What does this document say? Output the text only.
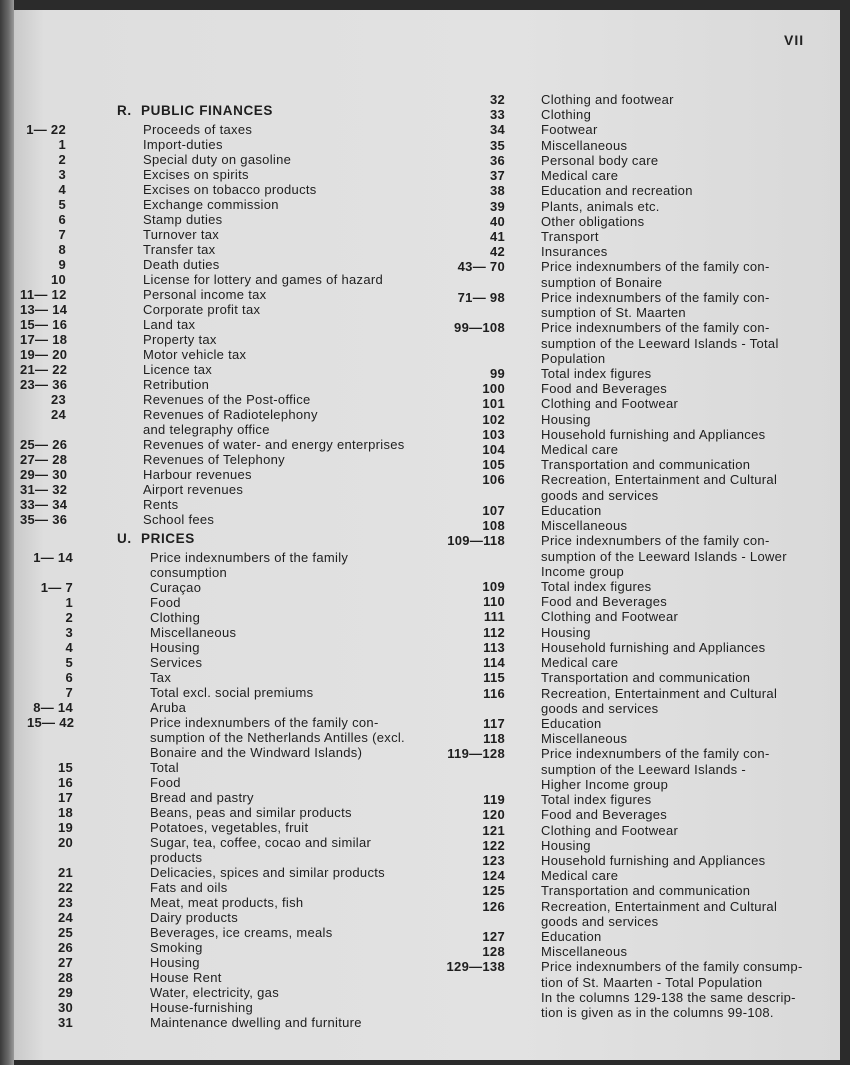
VII
R. PUBLIC FINANCES
1— 22	Proceeds of taxes
1	Import-duties
2	Special duty on gasoline
3	Excises on spirits
4	Excises on tobacco products
5	Exchange commission
6	Stamp duties
7	Turnover tax
8	Transfer tax
9	Death duties
10	License for lottery and games of hazard
11— 12	Personal income tax
13— 14	Corporate profit tax
15— 16	Land tax
17— 18	Property tax
19— 20	Motor vehicle tax
21— 22	Licence tax
23— 36	Retribution
23	Revenues of the Post-office
24	Revenues of Radiotelephony
and telegraphy office
25— 26	Revenues of water- and energy enterprises
27— 28	Revenues of Telephony
29— 30	Harbour revenues
31— 32	Airport revenues
33— 34	Rents
35— 36	School fees
U. PRICES
1— 14	Price indexnumbers of the family
consumption
1— 7	Curaçao
1	Food
2	Clothing
3	Miscellaneous
4	Housing
5	Services
6	Tax
7	Total excl. social premiums
8— 14	Aruba
15— 42	Price indexnumbers of the family con-
sumption of the Netherlands Antilles (excl.
Bonaire and the Windward Islands)
15	Total
16	Food
17	Bread and pastry
18	Beans, peas and similar products
19	Potatoes, vegetables, fruit
20	Sugar, tea, coffee, cocao and similar
products
21	Delicacies, spices and similar products
22	Fats and oils
23	Meat, meat products, fish
24	Dairy products
25	Beverages, ice creams, meals
26	Smoking
27	Housing
28	House Rent
29	Water, electricity, gas
30	House-furnishing
31	Maintenance dwelling and furniture
32	Clothing and footwear
33	Clothing
34	Footwear
35	Miscellaneous
36	Personal body care
37	Medical care
38	Education and recreation
39	Plants, animals etc.
40	Other obligations
41	Transport
42	Insurances
43— 70	Price indexnumbers of the family con-
sumption of Bonaire
71— 98	Price indexnumbers of the family con-
sumption of St. Maarten
99—108	Price indexnumbers of the family con-
sumption of the Leeward Islands - Total
Population
99	Total index figures
100	Food and Beverages
101	Clothing and Footwear
102	Housing
103	Household furnishing and Appliances
104	Medical care
105	Transportation and communication
106	Recreation, Entertainment and Cultural
goods and services
107	Education
108	Miscellaneous
109—118	Price indexnumbers of the family con-
sumption of the Leeward Islands - Lower
Income group
109	Total index figures
110	Food and Beverages
111	Clothing and Footwear
112	Housing
113	Household furnishing and Appliances
114	Medical care
115	Transportation and communication
116	Recreation, Entertainment and Cultural
goods and services
117	Education
118	Miscellaneous
119—128	Price indexnumbers of the family con-
sumption of the Leeward Islands -
Higher Income group
119	Total index figures
120	Food and Beverages
121	Clothing and Footwear
122	Housing
123	Household furnishing and Appliances
124	Medical care
125	Transportation and communication
126	Recreation, Entertainment and Cultural
goods and services
127	Education
128	Miscellaneous
129—138	Price indexnumbers of the family consump-
tion of St. Maarten - Total Population
In the columns 129-138 the same descrip-
tion is given as in the columns 99-108.
